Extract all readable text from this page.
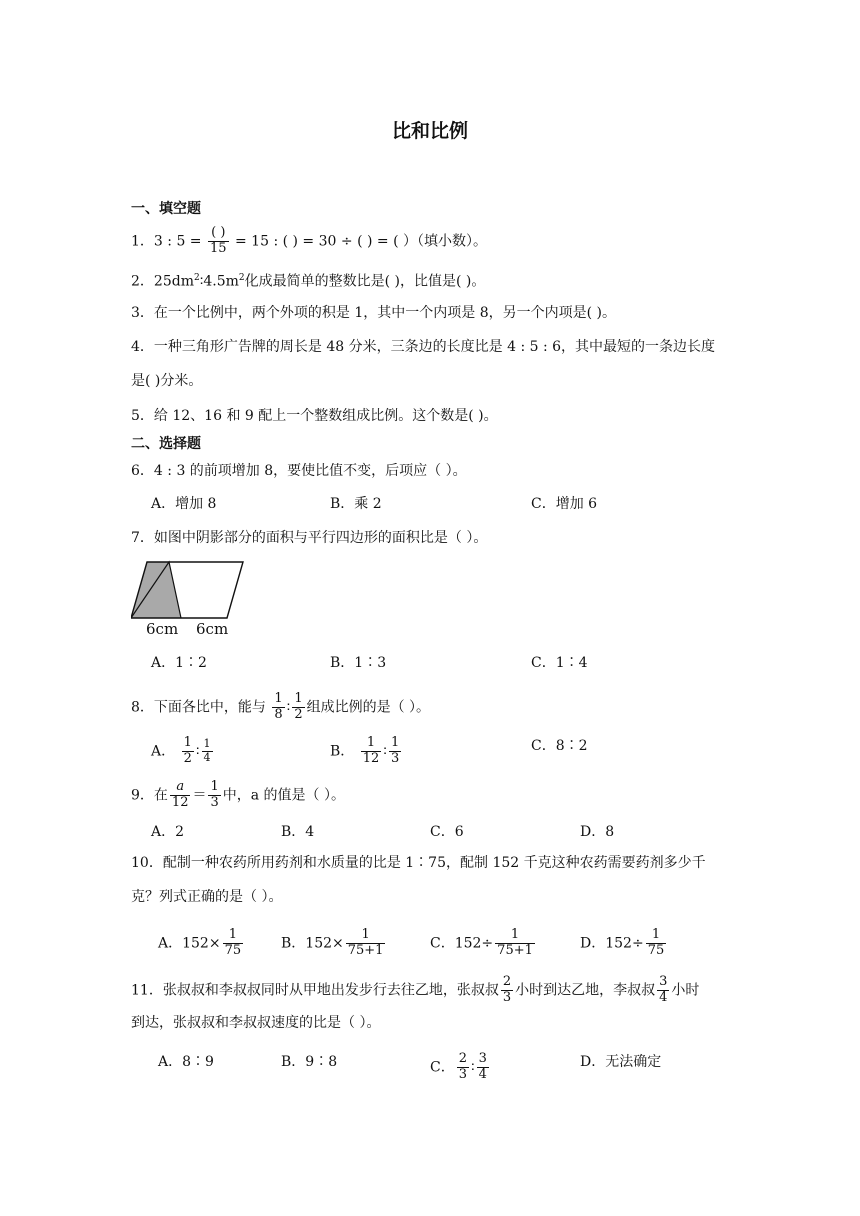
比和比例
一、填空题
1．3 : $5 = \frac{( )}{15} = 15$ : ( ) = 30 ÷ ( ) = ( ）（填小数）。
2．$25dm^2∶4.5m^2$化成最简单的整数比是( )，比值是( )。
3．在一个比例中，两个外项的积是 1，其中一个内项是 8，另一个内项是( )。
4．一种三角形广告牌的周长是 48 分米，三条边的长度比是 4 : 5 : 6，其中最短的一条边长度
是( )分米。
5．给 12、16 和 9 配上一个整数组成比例。这个数是( )。
二、选择题
6．4 : 3 的前项增加 8，要使比值不变，后项应（ ）。
A．增加 8	B．乘 2	C．增加 6
7．如图中阴影部分的面积与平行四边形的面积比是（ ）。
6cm 6cm
A．1∶2	B．1∶3	C．1∶4
8．下面各比中，能与 $\frac{1}{8}$ ∶ $\frac{1}{2}$ 组成比例的是（ ）。
A． $\frac{1}{2}$ ∶ $\frac{1}{4}$	B． $\frac{1}{12}$ ∶ $\frac{1}{3}$	C．8∶2
9．在 $\frac{a}{12} = \frac{1}{3}$ 中，a 的值是（ ）。
A．2	B．4	C．6	D．8
10．配制一种农药所用药剂和水质量的比是 1∶75，配制 152 千克这种农药需要药剂多少千
克？列式正确的是（ ）。
A．$152\times \frac{1}{75}$	B．$152\times \frac{1}{75+1}$	C．$152\div \frac{1}{75+1}$	D．$152\div \frac{1}{75}$
11．张叔叔和李叔叔同时从甲地出发步行去往乙地，张叔叔 $\frac{2}{3}$ 小时到达乙地，李叔叔 $\frac{3}{4}$ 小时
到达，张叔叔和李叔叔速度的比是（ ）。
A．8∶9	B．9∶8	C． $\frac{2}{3}$ ∶ $\frac{3}{4}$	D．无法确定
